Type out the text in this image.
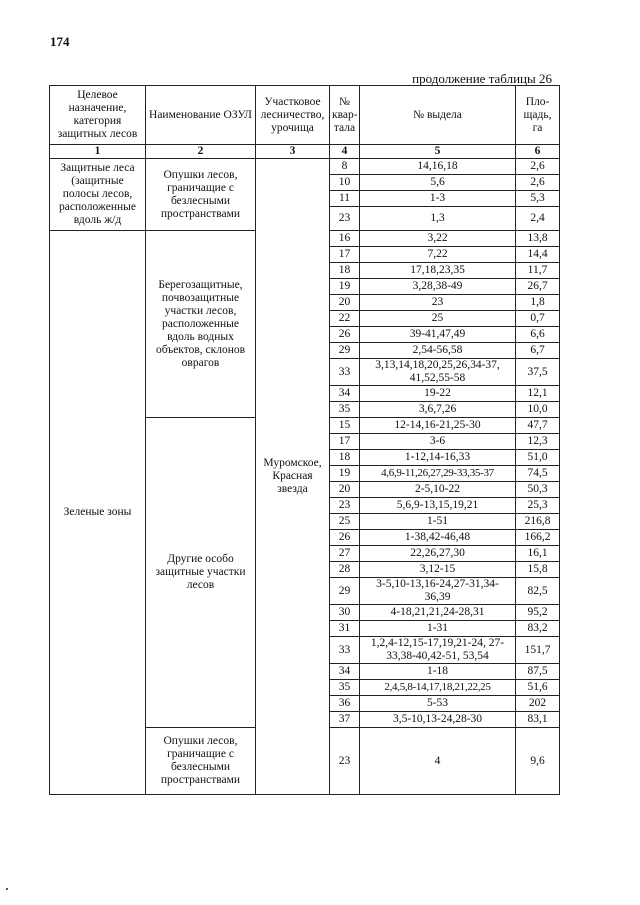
174
продолжение таблицы 26
Целевое назначение, категория защитных лесов	Наименование ОЗУЛ	Участковое лесничество, урочища	№ квар-тала	№ выдела	Пло-щадь, га
1	2	3	4	5	6
Защитные леса (защитные полосы лесов, расположенные вдоль ж/д	Опушки лесов, граничащие с безлесными пространствами	Муромское, Красная звезда	8	14,16,18	2,6
			10	5,6	2,6
			11	1-3	5,3
			23	1,3	2,4
Зеленые зоны	Берегозащитные, почвозащитные участки лесов, расположенные вдоль водных объектов, склонов оврагов		16	3,22	13,8
			17	7,22	14,4
			18	17,18,23,35	11,7
			19	3,28,38-49	26,7
			20	23	1,8
			22	25	0,7
			26	39-41,47,49	6,6
			29	2,54-56,58	6,7
			33	3,13,14,18,20,25,26,34-37, 41,52,55-58	37,5
			34	19-22	12,1
			35	3,6,7,26	10,0
	Другие особо защитные участки лесов		15	12-14,16-21,25-30	47,7
			17	3-6	12,3
			18	1-12,14-16,33	51,0
			19	4,6,9-11,26,27,29-33,35-37	74,5
			20	2-5,10-22	50,3
			23	5,6,9-13,15,19,21	25,3
			25	1-51	216,8
			26	1-38,42-46,48	166,2
			27	22,26,27,30	16,1
			28	3,12-15	15,8
			29	3-5,10-13,16-24,27-31,34- 36,39	82,5
			30	4-18,21,21,24-28,31	95,2
			31	1-31	83,2
			33	1,2,4-12,15-17,19,21-24, 27-33,38-40,42-51, 53,54	151,7
			34	1-18	87,5
			35	2,4,5,8-14,17,18,21,22,25	51,6
			36	5-53	202
			37	3,5-10,13-24,28-30	83,1
	Опушки лесов, граничащие с безлесными пространствами		23	4	9,6
